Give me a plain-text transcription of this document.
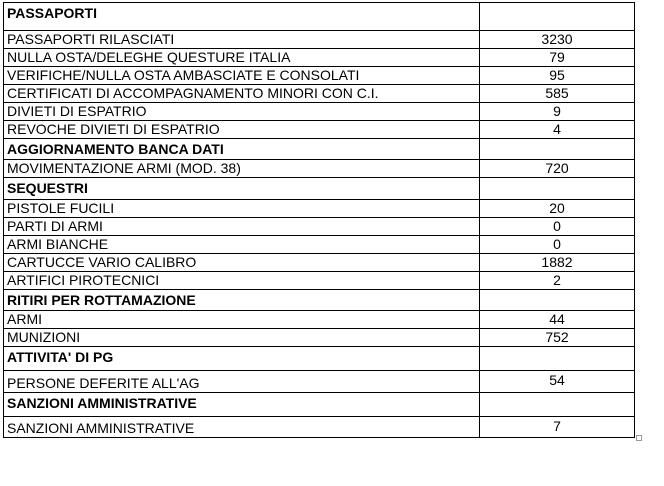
PASSAPORTI	
PASSAPORTI RILASCIATI	3230
NULLA OSTA/DELEGHE QUESTURE ITALIA	79
VERIFICHE/NULLA OSTA AMBASCIATE E CONSOLATI	95
CERTIFICATI DI ACCOMPAGNAMENTO MINORI CON C.I.	585
DIVIETI DI ESPATRIO	9
REVOCHE DIVIETI DI ESPATRIO	4
AGGIORNAMENTO BANCA DATI	
MOVIMENTAZIONE ARMI (MOD. 38)	720
SEQUESTRI	
PISTOLE FUCILI	20
PARTI DI ARMI	0
ARMI BIANCHE	0
CARTUCCE VARIO CALIBRO	1882
ARTIFICI PIROTECNICI	2
RITIRI PER ROTTAMAZIONE	
ARMI	44
MUNIZIONI	752
ATTIVITA' DI PG	
PERSONE DEFERITE ALL'AG	54
SANZIONI AMMINISTRATIVE	
SANZIONI AMMINISTRATIVE	7
